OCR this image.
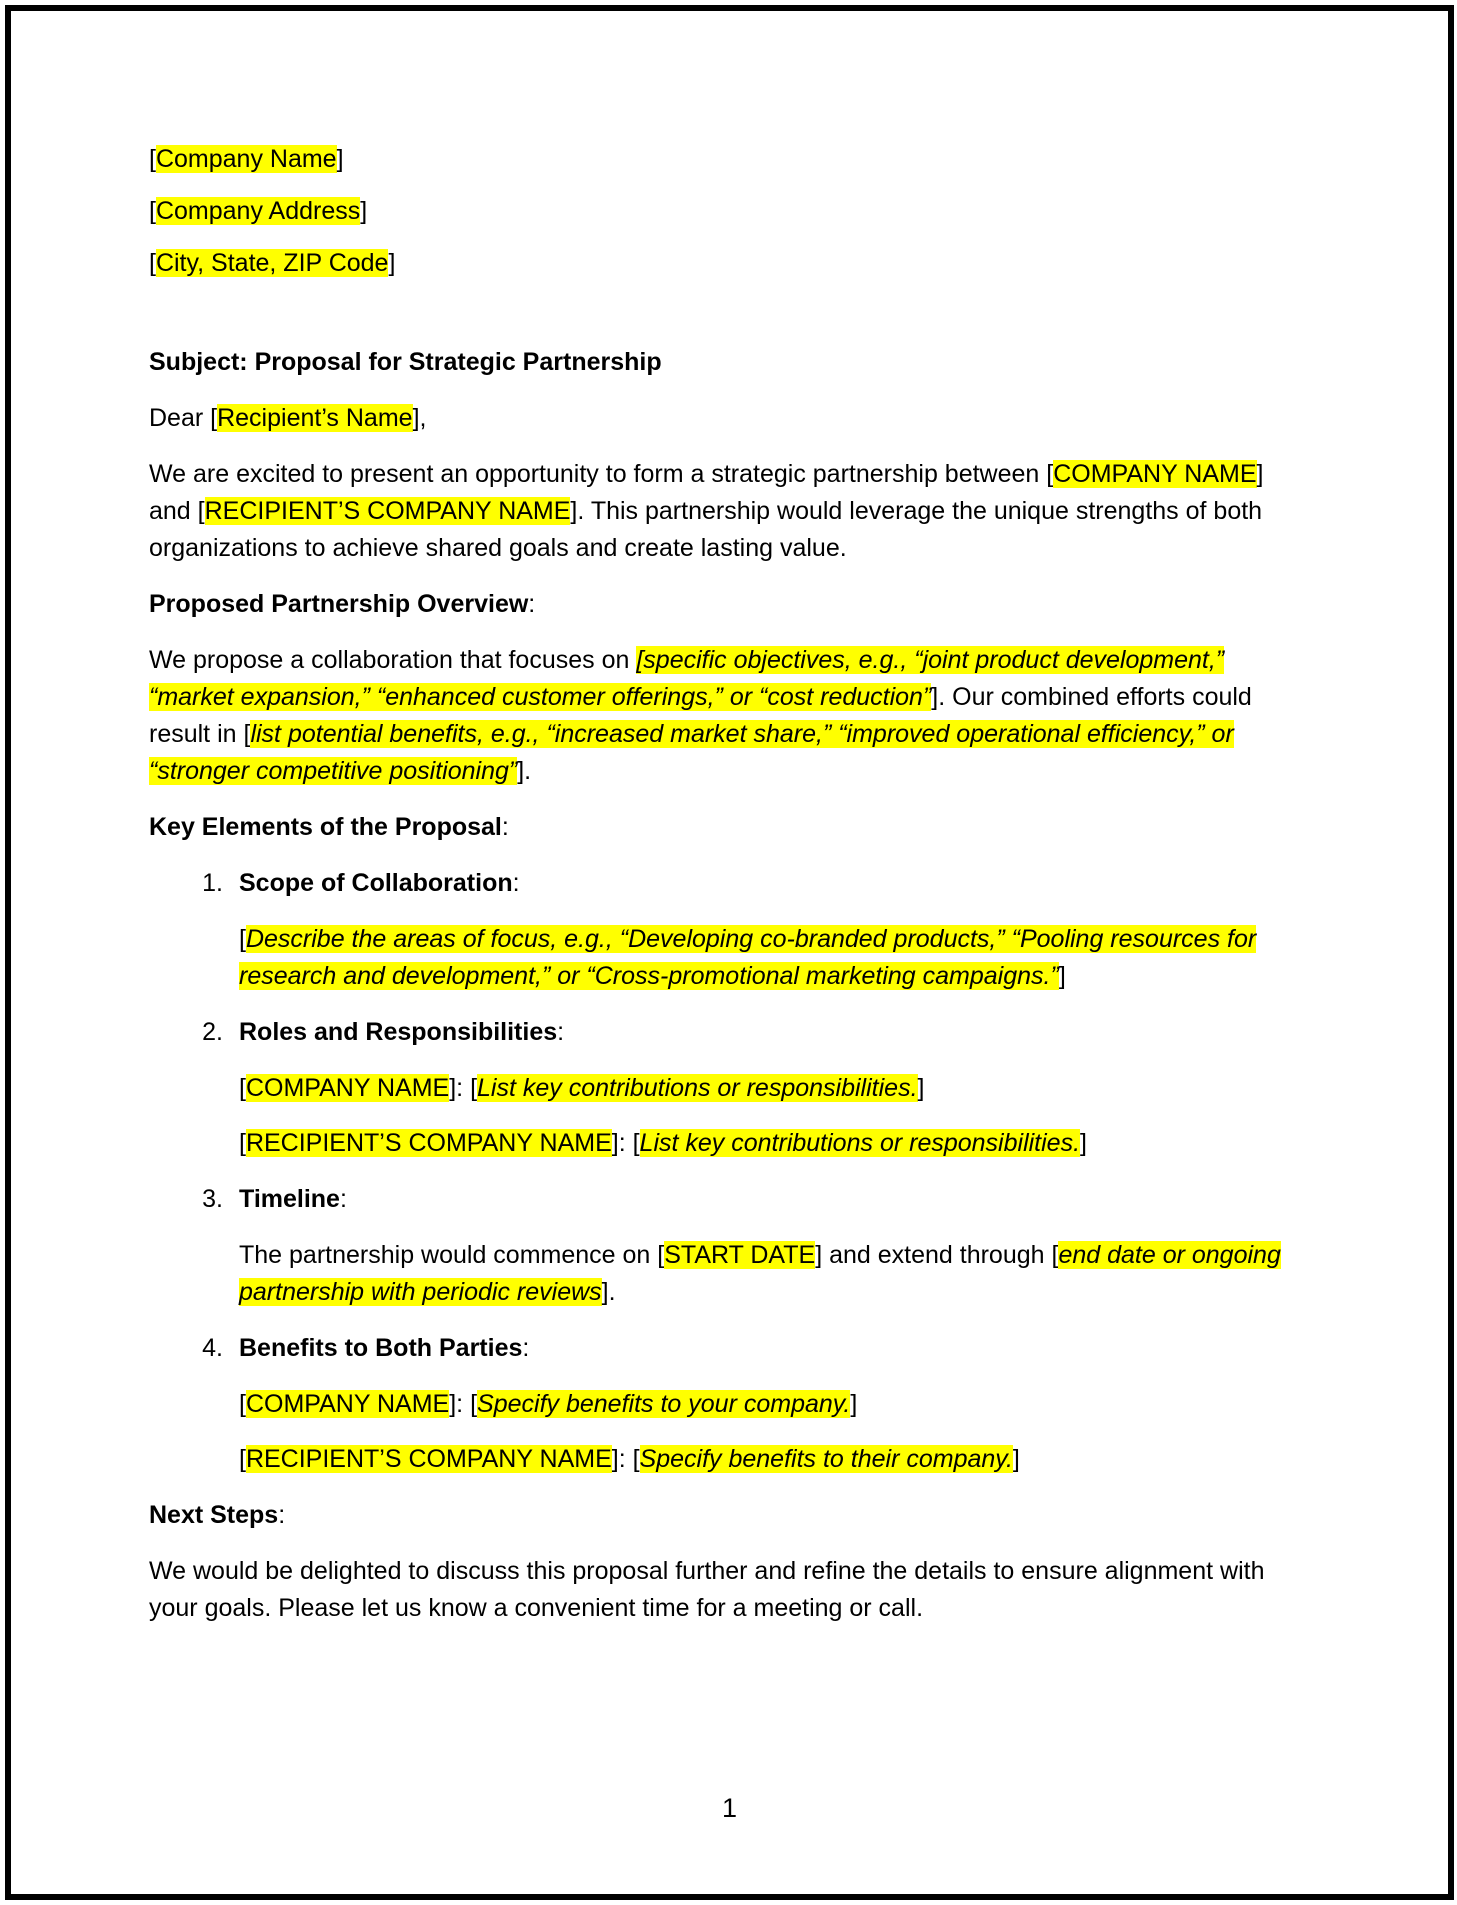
[Company Name]

[Company Address]

[City, State, ZIP Code]

Subject: Proposal for Strategic Partnership

Dear [Recipient’s Name],

We are excited to present an opportunity to form a strategic partnership between [COMPANY NAME] and [RECIPIENT’S COMPANY NAME]. This partnership would leverage the unique strengths of both organizations to achieve shared goals and create lasting value.

Proposed Partnership Overview:

We propose a collaboration that focuses on [specific objectives, e.g., “joint product development,” “market expansion,” “enhanced customer offerings,” or “cost reduction”]. Our combined efforts could result in [list potential benefits, e.g., “increased market share,” “improved operational efficiency,” or “stronger competitive positioning”].

Key Elements of the Proposal:

1. Scope of Collaboration:

[Describe the areas of focus, e.g., “Developing co-branded products,” “Pooling resources for research and development,” or “Cross-promotional marketing campaigns.”]

2. Roles and Responsibilities:

[COMPANY NAME]: [List key contributions or responsibilities.]

[RECIPIENT’S COMPANY NAME]: [List key contributions or responsibilities.]

3. Timeline:

The partnership would commence on [START DATE] and extend through [end date or ongoing partnership with periodic reviews].

4. Benefits to Both Parties:

[COMPANY NAME]: [Specify benefits to your company.]

[RECIPIENT’S COMPANY NAME]: [Specify benefits to their company.]

Next Steps:

We would be delighted to discuss this proposal further and refine the details to ensure alignment with your goals. Please let us know a convenient time for a meeting or call.

1
